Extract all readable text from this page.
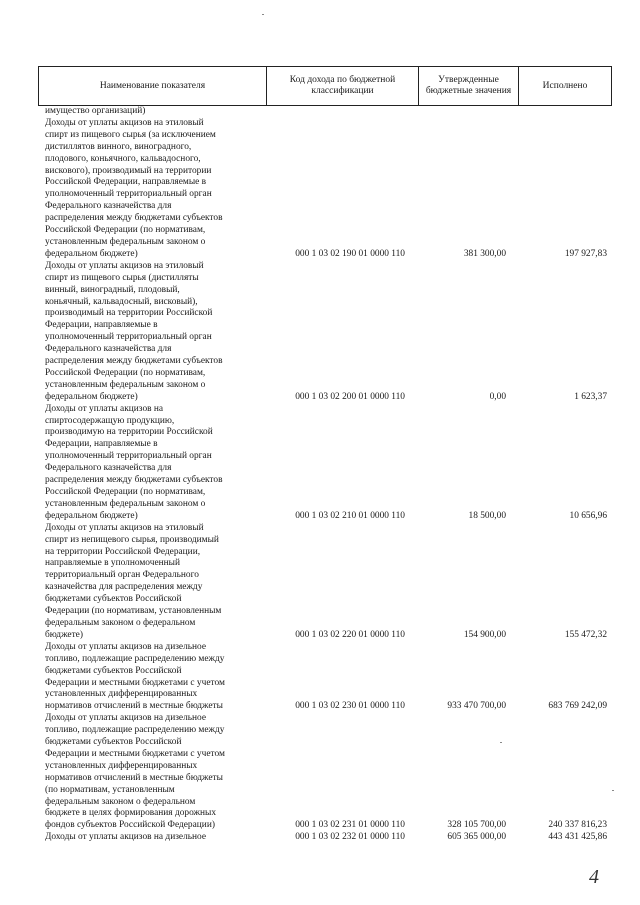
Наименование показателя
Код дохода по бюджетной классификации
Утвержденные бюджетные значения
Исполнено
имущество организаций)
Доходы от уплаты акцизов на этиловый
спирт из пищевого сырья (за исключением
дистиллятов винного, виноградного,
плодового, коньячного, кальвадосного,
вискового), производимый на территории
Российской Федерации, направляемые в
уполномоченный территориальный орган
Федерального казначейства для
распределения между бюджетами субъектов
Российской Федерации (по нормативам,
установленным федеральным законом о
федеральном бюджете)	000 1 03 02 190 01 0000 110	381 300,00	197 927,83
Доходы от уплаты акцизов на этиловый
спирт из пищевого сырья (дистилляты
винный, виноградный, плодовый,
коньячный, кальвадосный, висковый),
производимый на территории Российской
Федерации, направляемые в
уполномоченный территориальный орган
Федерального казначейства для
распределения между бюджетами субъектов
Российской Федерации (по нормативам,
установленным федеральным законом о
федеральном бюджете)	000 1 03 02 200 01 0000 110	0,00	1 623,37
Доходы от уплаты акцизов на
спиртосодержащую продукцию,
производимую на территории Российской
Федерации, направляемые в
уполномоченный территориальный орган
Федерального казначейства для
распределения между бюджетами субъектов
Российской Федерации (по нормативам,
установленным федеральным законом о
федеральном бюджете)	000 1 03 02 210 01 0000 110	18 500,00	10 656,96
Доходы от уплаты акцизов на этиловый
спирт из непищевого сырья, производимый
на территории Российской Федерации,
направляемые в уполномоченный
территориальный орган Федерального
казначейства для распределения между
бюджетами субъектов Российской
Федерации (по нормативам, установленным
федеральным законом о федеральном
бюджете)	000 1 03 02 220 01 0000 110	154 900,00	155 472,32
Доходы от уплаты акцизов на дизельное
топливо, подлежащие распределению между
бюджетами субъектов Российской
Федерации и местными бюджетами с учетом
установленных дифференцированных
нормативов отчислений в местные бюджеты	000 1 03 02 230 01 0000 110	933 470 700,00	683 769 242,09
Доходы от уплаты акцизов на дизельное
топливо, подлежащие распределению между
бюджетами субъектов Российской
Федерации и местными бюджетами с учетом
установленных дифференцированных
нормативов отчислений в местные бюджеты
(по нормативам, установленным
федеральным законом о федеральном
бюджете в целях формирования дорожных
фондов субъектов Российской Федерации)	000 1 03 02 231 01 0000 110	328 105 700,00	240 337 816,23
Доходы от уплаты акцизов на дизельное	000 1 03 02 232 01 0000 110	605 365 000,00	443 431 425,86
4
